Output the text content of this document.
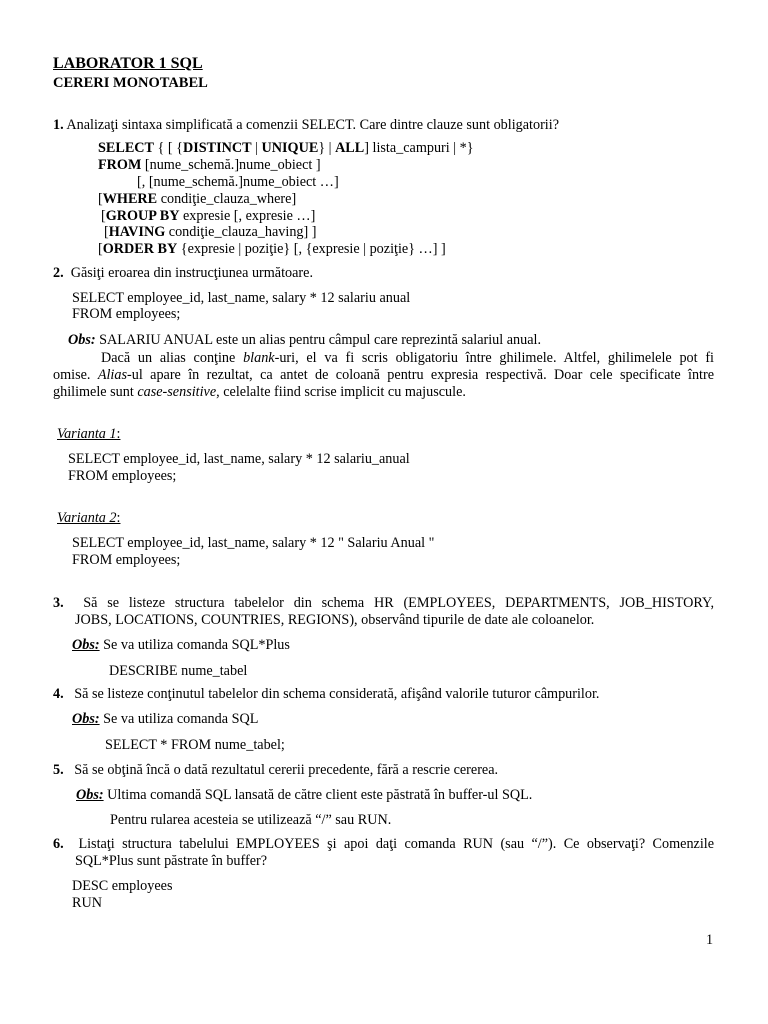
LABORATOR 1 SQL
CERERI MONOTABEL
1. Analizaţi sintaxa simplificată a comenzii SELECT. Care dintre clauze sunt obligatorii?
SELECT { [ {DISTINCT | UNIQUE} | ALL] lista_campuri | *}
FROM [nume_schemă.]nume_obiect ]
[, [nume_schemă.]nume_obiect …]
[WHERE condiţie_clauza_where]
[GROUP BY expresie [, expresie …]
[HAVING condiţie_clauza_having] ]
[ORDER BY {expresie | poziţie} [, {expresie | poziţie} …] ]
2. Găsiţi eroarea din instrucţiunea următoare.
SELECT employee_id, last_name, salary * 12 salariu anual
FROM employees;
Obs: SALARIU ANUAL este un alias pentru câmpul care reprezintă salariul anual.
Dacă un alias conţine blank-uri, el va fi scris obligatoriu între ghilimele. Altfel, ghilimelele pot fi
omise. Alias-ul apare în rezultat, ca antet de coloană pentru expresia respectivă. Doar cele specificate între
ghilimele sunt case-sensitive, celelalte fiind scrise implicit cu majuscule.
Varianta 1:
SELECT employee_id, last_name, salary * 12 salariu_anual
FROM employees;
Varianta 2:
SELECT employee_id, last_name, salary * 12 " Salariu Anual "
FROM employees;
3. Să se listeze structura tabelelor din schema HR (EMPLOYEES, DEPARTMENTS, JOB_HISTORY,
JOBS, LOCATIONS, COUNTRIES, REGIONS), observând tipurile de date ale coloanelor.
Obs: Se va utiliza comanda SQL*Plus
DESCRIBE nume_tabel
4. Să se listeze conţinutul tabelelor din schema considerată, afişând valorile tuturor câmpurilor.
Obs: Se va utiliza comanda SQL
SELECT * FROM nume_tabel;
5. Să se obţină încă o dată rezultatul cererii precedente, fără a rescrie cererea.
Obs: Ultima comandă SQL lansată de către client este păstrată în buffer-ul SQL.
Pentru rularea acesteia se utilizează “/” sau RUN.
6. Listaţi structura tabelului EMPLOYEES şi apoi daţi comanda RUN (sau “/”). Ce observaţi? Comenzile
SQL*Plus sunt păstrate în buffer?
DESC employees
RUN
1
